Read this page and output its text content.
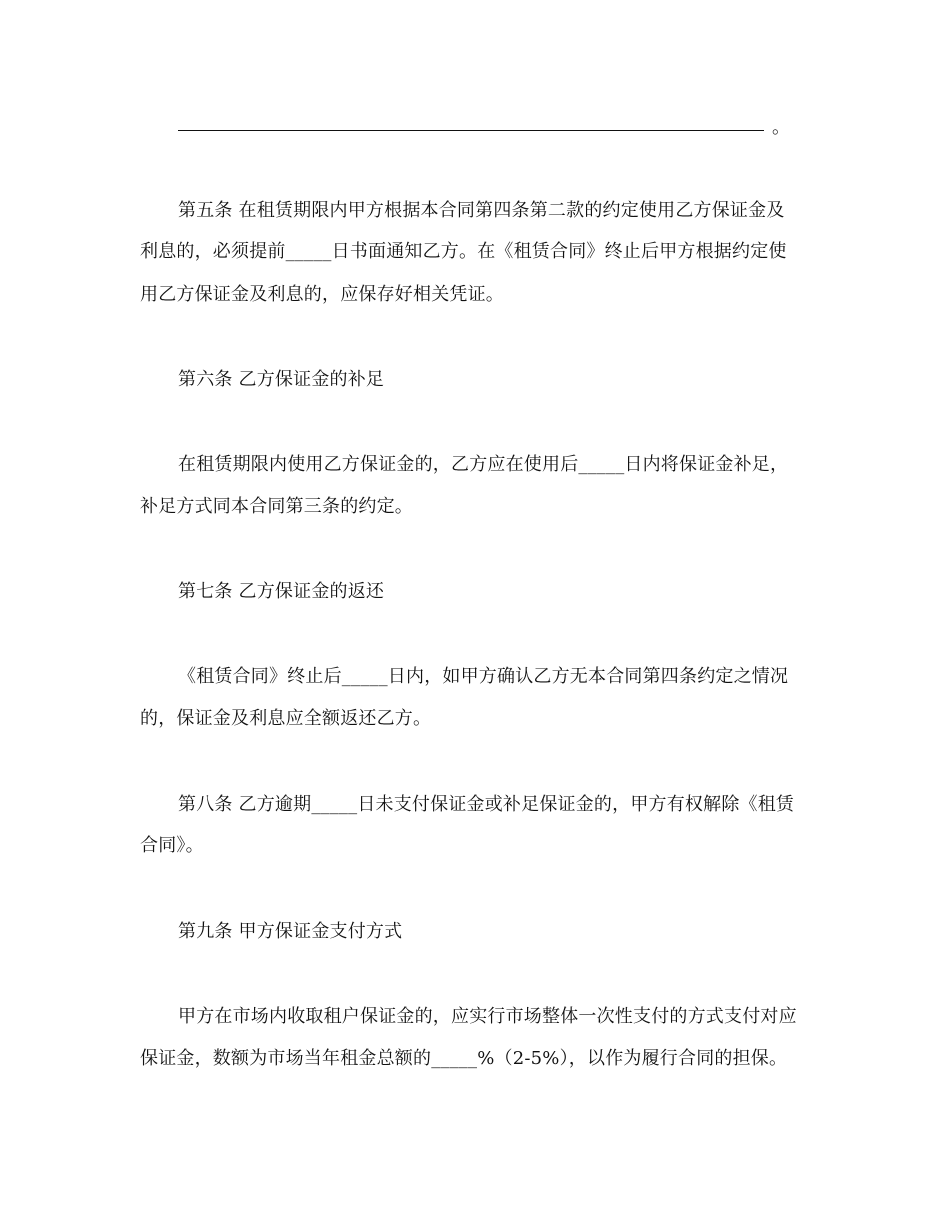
。
第五条 在租赁期限内甲方根据本合同第四条第二款的约定使用乙方保证金及
利息的，必须提前_____日书面通知乙方。在《租赁合同》终止后甲方根据约定使
用乙方保证金及利息的，应保存好相关凭证。
第六条 乙方保证金的补足
在租赁期限内使用乙方保证金的，乙方应在使用后_____日内将保证金补足，
补足方式同本合同第三条的约定。
第七条 乙方保证金的返还
《租赁合同》终止后_____日内，如甲方确认乙方无本合同第四条约定之情况
的，保证金及利息应全额返还乙方。
第八条 乙方逾期_____日未支付保证金或补足保证金的，甲方有权解除《租赁
合同》。
第九条 甲方保证金支付方式
甲方在市场内收取租户保证金的，应实行市场整体一次性支付的方式支付对应
保证金，数额为市场当年租金总额的_____%（2-5%），以作为履行合同的担保。
